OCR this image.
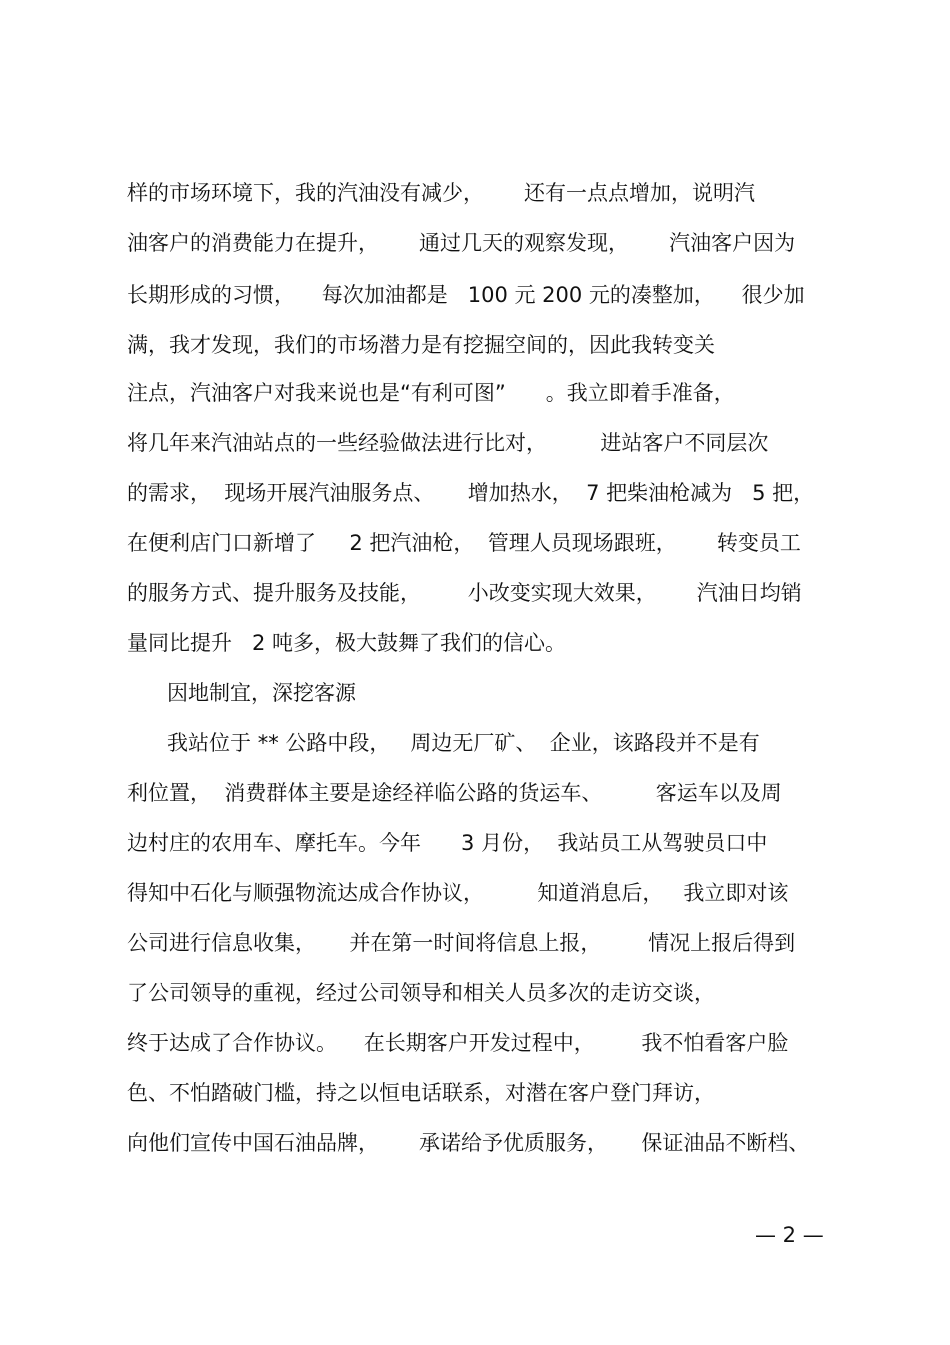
样的市场环境下，我的汽油没有减少，      还有一点点增加，说明汽
油客户的消费能力在提升，      通过几天的观察发现，      汽油客户因为
长期形成的习惯，    每次加油都是   100 元 200 元的凑整加，    很少加
满，我才发现，我们的市场潜力是有挖掘空间的，因此我转变关
注点，汽油客户对我来说也是“有利可图”      。我立即着手准备，
将几年来汽油站点的一些经验做法进行比对，        进站客户不同层次
的需求，  现场开展汽油服务点、     增加热水，  7 把柴油枪减为   5 把，
在便利店门口新增了     2 把汽油枪，  管理人员现场跟班，      转变员工
的服务方式、提升服务及技能，       小改变实现大效果，      汽油日均销
量同比提升   2 吨多，极大鼓舞了我们的信心。
因地制宜，深挖客源
我站位于 ** 公路中段，   周边无厂矿、  企业，该路段并不是有
利位置，  消费群体主要是途经祥临公路的货运车、        客运车以及周
边村庄的农用车、摩托车。今年      3 月份，  我站员工从驾驶员口中
得知中石化与顺强物流达成合作协议，        知道消息后，   我立即对该
公司进行信息收集，     并在第一时间将信息上报，       情况上报后得到
了公司领导的重视，经过公司领导和相关人员多次的走访交谈，
终于达成了合作协议。    在长期客户开发过程中，       我不怕看客户脸
色、不怕踏破门槛，持之以恒电话联系，对潜在客户登门拜访，
向他们宣传中国石油品牌，      承诺给予优质服务，     保证油品不断档、
— 2 —
